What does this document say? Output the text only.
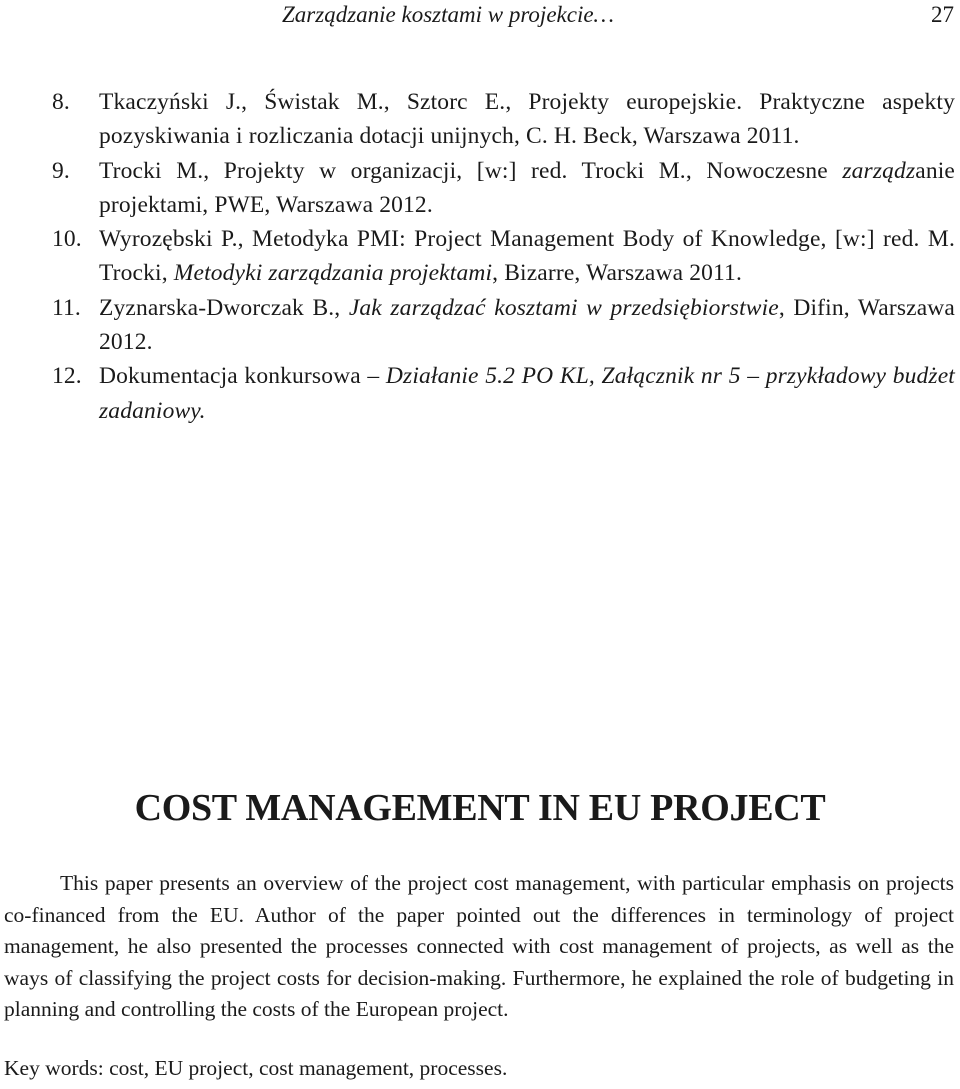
Zarządzanie kosztami w projekcie…	27
8. Tkaczyński J., Świstak M., Sztorc E., Projekty europejskie. Praktyczne aspekty pozyskiwania i rozliczania dotacji unijnych, C. H. Beck, Warszawa 2011.
9. Trocki M., Projekty w organizacji, [w:] red. Trocki M., Nowoczesne zarządzanie projektami, PWE, Warszawa 2012.
10. Wyrozębski P., Metodyka PMI: Project Management Body of Knowledge, [w:] red. M. Trocki, Metodyki zarządzania projektami, Bizarre, Warszawa 2011.
11. Zyznarska-Dworczak B., Jak zarządzać kosztami w przedsiębiorstwie, Difin, Warszawa 2012.
12. Dokumentacja konkursowa – Działanie 5.2 PO KL, Załącznik nr 5 – przykładowy budżet zadaniowy.
COST MANAGEMENT IN EU PROJECT

This paper presents an overview of the project cost management, with particular emphasis on projects co-financed from the EU. Author of the paper pointed out the differences in terminology of project management, he also presented the processes connected with cost management of projects, as well as the ways of classifying the project costs for decision-making. Furthermore, he explained the role of budgeting in planning and controlling the costs of the European project.

Key words: cost, EU project, cost management, processes.
